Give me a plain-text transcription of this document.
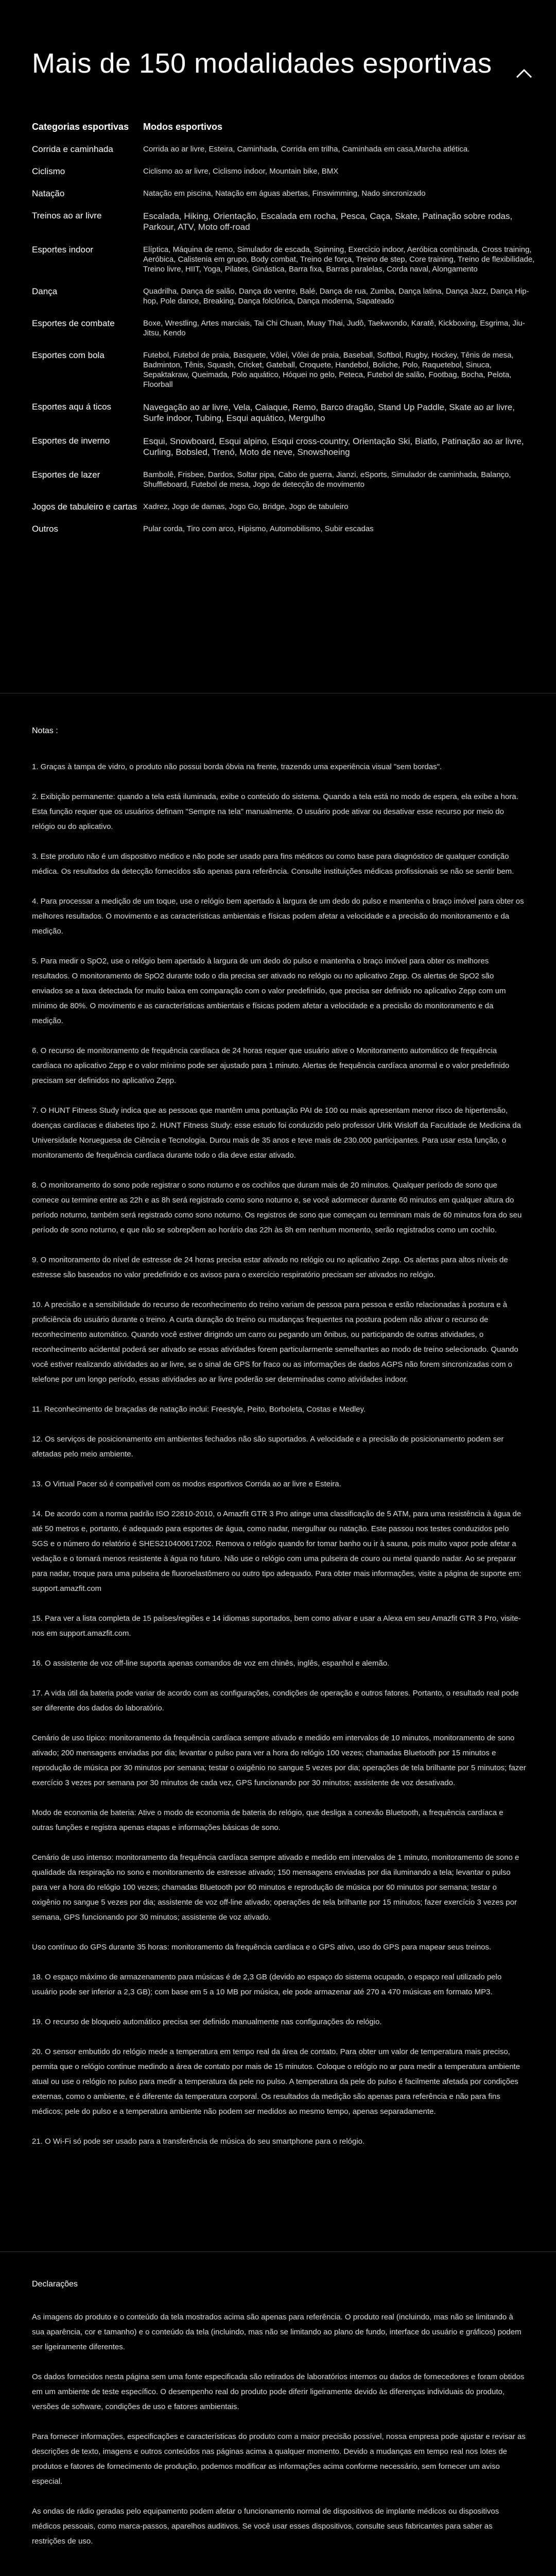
Mais de 150 modalidades esportivas
Categorias esportivas	Modos esportivos
Corrida e caminhada	Corrida ao ar livre, Esteira, Caminhada, Corrida em trilha, Caminhada em casa,Marcha atlética.
Ciclismo	Ciclismo ao ar livre, Ciclismo indoor, Mountain bike, BMX
Natação	Natação em piscina, Natação em águas abertas, Finswimming, Nado sincronizado
Treinos ao ar livre	Escalada, Hiking, Orientação, Escalada em rocha, Pesca, Caça, Skate, Patinação sobre rodas, Parkour, ATV, Moto off-road
Esportes indoor	Elíptica, Máquina de remo, Simulador de escada, Spinning, Exercício indoor, Aeróbica combinada, Cross training, Aeróbica, Calistenia em grupo, Body combat, Treino de força, Treino de step, Core training, Treino de flexibilidade, Treino livre, HIIT, Yoga, Pilates, Ginástica, Barra fixa, Barras paralelas, Corda naval, Alongamento
Dança	Quadrilha, Dança de salão, Dança do ventre, Balé, Dança de rua, Zumba, Dança latina, Dança Jazz, Dança Hip-hop, Pole dance, Breaking, Dança folclórica, Dança moderna, Sapateado
Esportes de combate	Boxe, Wrestling, Artes marciais, Tai Chi Chuan, Muay Thai, Judô, Taekwondo, Karatê, Kickboxing, Esgrima, Jiu-Jitsu, Kendo
Esportes com bola	Futebol, Futebol de praia, Basquete, Vôlei, Vôlei de praia, Baseball, Softbol, Rugby, Hockey, Tênis de mesa, Badminton, Tênis, Squash, Cricket, Gateball, Croquete, Handebol, Boliche, Polo, Raquetebol, Sinuca, Sepaktakraw, Queimada, Polo aquático, Hóquei no gelo, Peteca, Futebol de salão, Footbag, Bocha, Pelota, Floorball
Esportes aqu á ticos	Navegação ao ar livre, Vela, Caiaque, Remo, Barco dragão, Stand Up Paddle, Skate ao ar livre, Surfe indoor, Tubing, Esqui aquático, Mergulho
Esportes de inverno	Esqui, Snowboard, Esqui alpino, Esqui cross-country, Orientação Ski, Biatlo, Patinação ao ar livre, Curling, Bobsled, Trenó, Moto de neve, Snowshoeing
Esportes de lazer	Bambolê, Frisbee, Dardos, Soltar pipa, Cabo de guerra, Jianzi, eSports, Simulador de caminhada, Balanço, Shuffleboard, Futebol de mesa, Jogo de detecção de movimento
Jogos de tabuleiro e cartas	Xadrez, Jogo de damas, Jogo Go, Bridge, Jogo de tabuleiro
Outros	Pular corda, Tiro com arco, Hipismo, Automobilismo, Subir escadas
Notas :

1. Graças à tampa de vidro, o produto não possui borda óbvia na frente, trazendo uma experiência visual "sem bordas".

2. Exibição permanente: quando a tela está iluminada, exibe o conteúdo do sistema. Quando a tela está no modo de espera, ela exibe a hora. Esta função requer que os usuários definam "Sempre na tela" manualmente. O usuário pode ativar ou desativar esse recurso por meio do relógio ou do aplicativo.

3. Este produto não é um dispositivo médico e não pode ser usado para fins médicos ou como base para diagnóstico de qualquer condição médica. Os resultados da detecção fornecidos são apenas para referência. Consulte instituições médicas profissionais se não se sentir bem.

4. Para processar a medição de um toque, use o relógio bem apertado à largura de um dedo do pulso e mantenha o braço imóvel para obter os melhores resultados. O movimento e as características ambientais e físicas podem afetar a velocidade e a precisão do monitoramento e da medição.

5. Para medir o SpO2, use o relógio bem apertado à largura de um dedo do pulso e mantenha o braço imóvel para obter os melhores resultados. O monitoramento de SpO2 durante todo o dia precisa ser ativado no relógio ou no aplicativo Zepp. Os alertas de SpO2 são enviados se a taxa detectada for muito baixa em comparação com o valor predefinido, que precisa ser definido no aplicativo Zepp com um mínimo de 80%. O movimento e as características ambientais e físicas podem afetar a velocidade e a precisão do monitoramento e da medição.

6. O recurso de monitoramento de frequência cardíaca de 24 horas requer que usuário ative o Monitoramento automático de frequência cardíaca no aplicativo Zepp e o valor mínimo pode ser ajustado para 1 minuto. Alertas de frequência cardíaca anormal e o valor predefinido precisam ser definidos no aplicativo Zepp.

7. O HUNT Fitness Study indica que as pessoas que mantêm uma pontuação PAI de 100 ou mais apresentam menor risco de hipertensão, doenças cardíacas e diabetes tipo 2. HUNT Fitness Study: esse estudo foi conduzido pelo professor Ulrik Wisloff da Faculdade de Medicina da Universidade Norueguesa de Ciência e Tecnologia. Durou mais de 35 anos e teve mais de 230.000 participantes. Para usar esta função, o monitoramento de frequência cardíaca durante todo o dia deve estar ativado.

8. O monitoramento do sono pode registrar o sono noturno e os cochilos que duram mais de 20 minutos. Qualquer período de sono que comece ou termine entre as 22h e as 8h será registrado como sono noturno e, se você adormecer durante 60 minutos em qualquer altura do período noturno, também será registrado como sono noturno. Os registros de sono que começam ou terminam mais de 60 minutos fora do seu período de sono noturno, e que não se sobrepõem ao horário das 22h às 8h em nenhum momento, serão registrados como um cochilo.

9. O monitoramento do nível de estresse de 24 horas precisa estar ativado no relógio ou no aplicativo Zepp. Os alertas para altos níveis de estresse são baseados no valor predefinido e os avisos para o exercício respiratório precisam ser ativados no relógio.

10. A precisão e a sensibilidade do recurso de reconhecimento do treino variam de pessoa para pessoa e estão relacionadas à postura e à proficiência do usuário durante o treino. A curta duração do treino ou mudanças frequentes na postura podem não ativar o recurso de reconhecimento automático. Quando você estiver dirigindo um carro ou pegando um ônibus, ou participando de outras atividades, o reconhecimento acidental poderá ser ativado se essas atividades forem particularmente semelhantes ao modo de treino selecionado. Quando você estiver realizando atividades ao ar livre, se o sinal de GPS for fraco ou as informações de dados AGPS não forem sincronizadas com o telefone por um longo período, essas atividades ao ar livre poderão ser determinadas como atividades indoor.

11. Reconhecimento de braçadas de natação inclui: Freestyle, Peito, Borboleta, Costas e Medley.

12. Os serviços de posicionamento em ambientes fechados não são suportados. A velocidade e a precisão de posicionamento podem ser afetadas pelo meio ambiente.

13. O Virtual Pacer só é compatível com os modos esportivos Corrida ao ar livre e Esteira.

14. De acordo com a norma padrão ISO 22810-2010, o Amazfit GTR 3 Pro atinge uma classificação de 5 ATM, para uma resistência à água de até 50 metros e, portanto, é adequado para esportes de água, como nadar, mergulhar ou natação. Este passou nos testes conduzidos pelo SGS e o número do relatório é SHES210400617202. Remova o relógio quando for tomar banho ou ir à sauna, pois muito vapor pode afetar a vedação e o tornará menos resistente à água no futuro. Não use o relógio com uma pulseira de couro ou metal quando nadar. Ao se preparar para nadar, troque para uma pulseira de fluoroelastômero ou outro tipo adequado. Para obter mais informações, visite a página de suporte em: support.amazfit.com

15. Para ver a lista completa de 15 países/regiões e 14 idiomas suportados, bem como ativar e usar a Alexa em seu Amazfit GTR 3 Pro, visite-nos em support.amazfit.com.

16. O assistente de voz off-line suporta apenas comandos de voz em chinês, inglês, espanhol e alemão.

17. A vida útil da bateria pode variar de acordo com as configurações, condições de operação e outros fatores. Portanto, o resultado real pode ser diferente dos dados do laboratório.

Cenário de uso típico: monitoramento da frequência cardíaca sempre ativado e medido em intervalos de 10 minutos, monitoramento de sono ativado; 200 mensagens enviadas por dia; levantar o pulso para ver a hora do relógio 100 vezes; chamadas Bluetooth por 15 minutos e reprodução de música por 30 minutos por semana; testar o oxigênio no sangue 5 vezes por dia; operações de tela brilhante por 5 minutos; fazer exercício 3 vezes por semana por 30 minutos de cada vez, GPS funcionando por 30 minutos; assistente de voz desativado.

Modo de economia de bateria: Ative o modo de economia de bateria do relógio, que desliga a conexão Bluetooth, a frequência cardíaca e outras funções e registra apenas etapas e informações básicas de sono.

Cenário de uso intenso: monitoramento da frequência cardíaca sempre ativado e medido em intervalos de 1 minuto, monitoramento de sono e qualidade da respiração no sono e monitoramento de estresse ativado; 150 mensagens enviadas por dia iluminando a tela; levantar o pulso para ver a hora do relógio 100 vezes; chamadas Bluetooth por 60 minutos e reprodução de música por 60 minutos por semana; testar o oxigênio no sangue 5 vezes por dia; assistente de voz off-line ativado; operações de tela brilhante por 15 minutos; fazer exercício 3 vezes por semana, GPS funcionando por 30 minutos; assistente de voz ativado.

Uso contínuo do GPS durante 35 horas: monitoramento da frequência cardíaca e o GPS ativo, uso do GPS para mapear seus treinos.

18. O espaço máximo de armazenamento para músicas é de 2,3 GB (devido ao espaço do sistema ocupado, o espaço real utilizado pelo usuário pode ser inferior a 2,3 GB); com base em 5 a 10 MB por música, ele pode armazenar até 270 a 470 músicas em formato MP3.

19. O recurso de bloqueio automático precisa ser definido manualmente nas configurações do relógio.

20. O sensor embutido do relógio mede a temperatura em tempo real da área de contato. Para obter um valor de temperatura mais preciso, permita que o relógio continue medindo a área de contato por mais de 15 minutos. Coloque o relógio no ar para medir a temperatura ambiente atual ou use o relógio no pulso para medir a temperatura da pele no pulso. A temperatura da pele do pulso é facilmente afetada por condições externas, como o ambiente, e é diferente da temperatura corporal. Os resultados da medição são apenas para referência e não para fins médicos; pele do pulso e a temperatura ambiente não podem ser medidos ao mesmo tempo, apenas separadamente.

21. O Wi-Fi só pode ser usado para a transferência de música do seu smartphone para o relógio.

Declarações

As imagens do produto e o conteúdo da tela mostrados acima são apenas para referência. O produto real (incluindo, mas não se limitando à sua aparência, cor e tamanho) e o conteúdo da tela (incluindo, mas não se limitando ao plano de fundo, interface do usuário e gráficos) podem ser ligeiramente diferentes.

Os dados fornecidos nesta página sem uma fonte especificada são retirados de laboratórios internos ou dados de fornecedores e foram obtidos em um ambiente de teste específico. O desempenho real do produto pode diferir ligeiramente devido às diferenças individuais do produto, versões de software, condições de uso e fatores ambientais.

Para fornecer informações, especificações e características do produto com a maior precisão possível, nossa empresa pode ajustar e revisar as descrições de texto, imagens e outros conteúdos nas páginas acima a qualquer momento. Devido a mudanças em tempo real nos lotes de produtos e fatores de fornecimento de produção, podemos modificar as informações acima conforme necessário, sem fornecer um aviso especial.

As ondas de rádio geradas pelo equipamento podem afetar o funcionamento normal de dispositivos de implante médicos ou dispositivos médicos pessoais, como marca-passos, aparelhos auditivos. Se você usar esses dispositivos, consulte seus fabricantes para saber as restrições de uso.
